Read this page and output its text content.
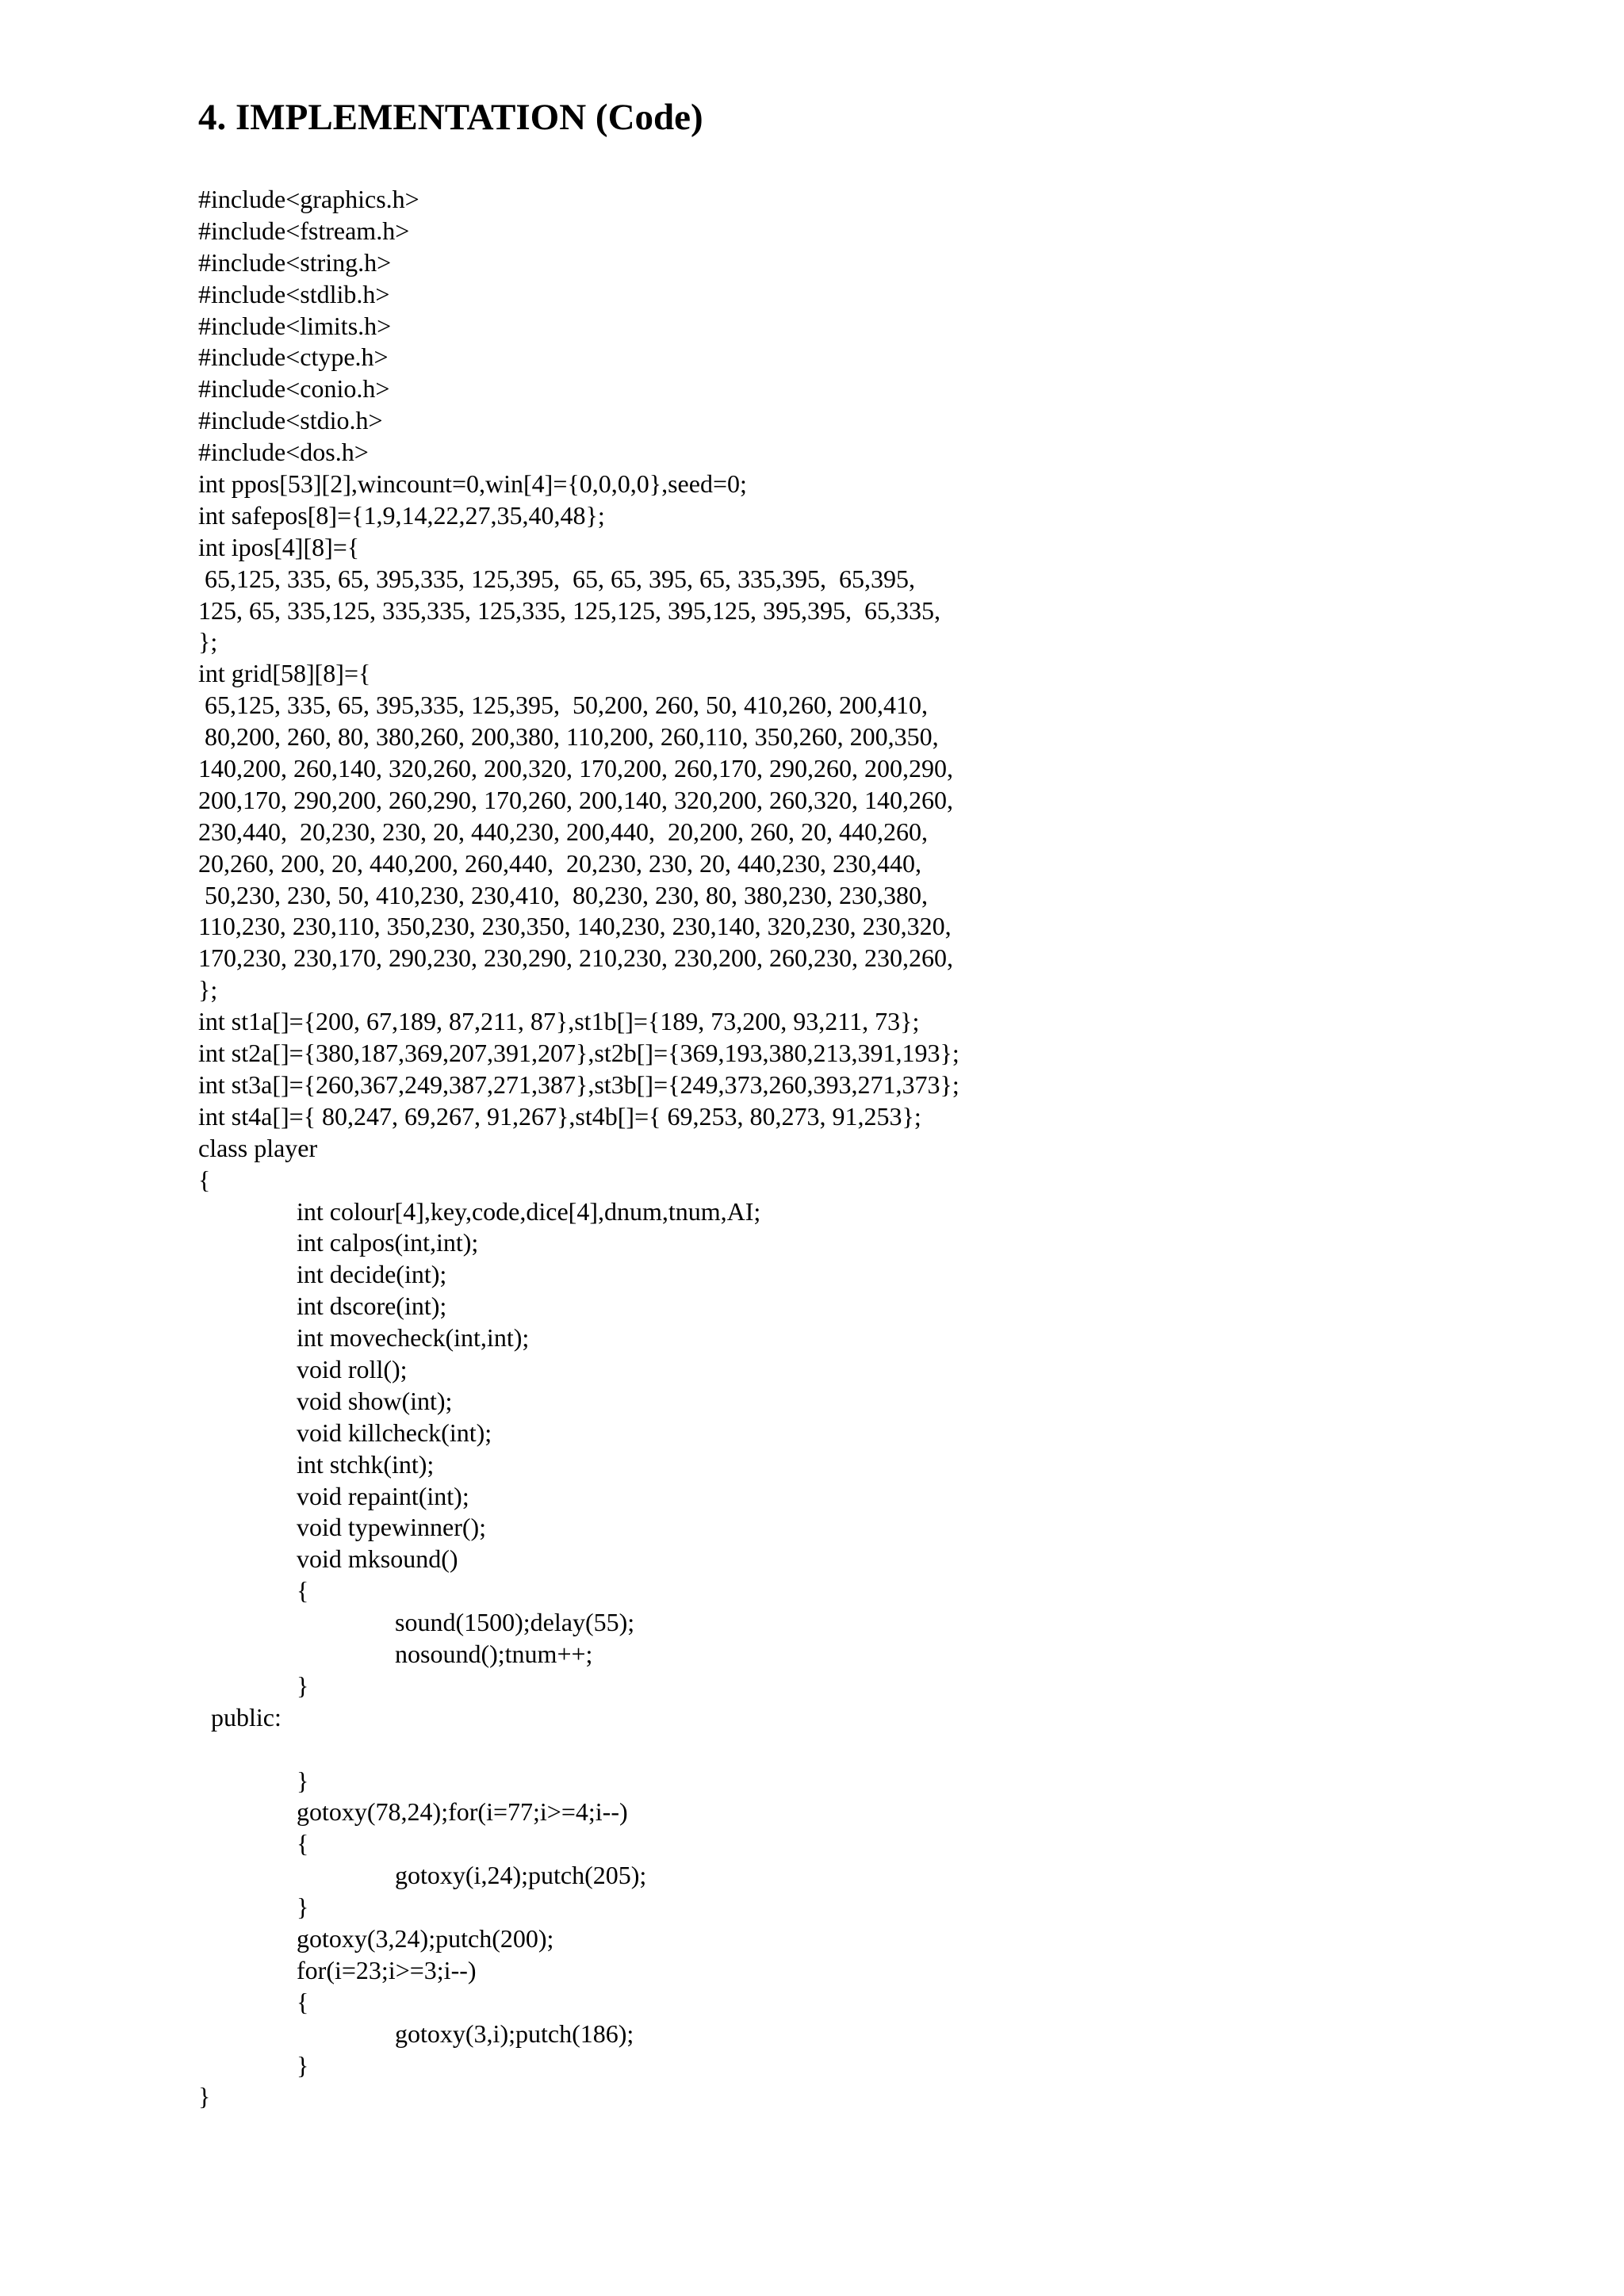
4. IMPLEMENTATION (Code)
#include<graphics.h>
#include<fstream.h>
#include<string.h>
#include<stdlib.h>
#include<limits.h>
#include<ctype.h>
#include<conio.h>
#include<stdio.h>
#include<dos.h>
int ppos[53][2],wincount=0,win[4]={0,0,0,0},seed=0;
int safepos[8]={1,9,14,22,27,35,40,48};
int ipos[4][8]={
65,125, 335, 65, 395,335, 125,395,  65, 65, 395, 65, 335,395,  65,395,
125, 65, 335,125, 335,335, 125,335, 125,125, 395,125, 395,395,  65,335,
};
int grid[58][8]={
65,125, 335, 65, 395,335, 125,395,  50,200, 260, 50, 410,260, 200,410,
80,200, 260, 80, 380,260, 200,380, 110,200, 260,110, 350,260, 200,350,
140,200, 260,140, 320,260, 200,320, 170,200, 260,170, 290,260, 200,290,
200,170, 290,200, 260,290, 170,260, 200,140, 320,200, 260,320, 140,260,
230,440,  20,230, 230, 20, 440,230, 200,440,  20,200, 260, 20, 440,260,
20,260, 200, 20, 440,200, 260,440,  20,230, 230, 20, 440,230, 230,440,
50,230, 230, 50, 410,230, 230,410,  80,230, 230, 80, 380,230, 230,380,
110,230, 230,110, 350,230, 230,350, 140,230, 230,140, 320,230, 230,320,
170,230, 230,170, 290,230, 230,290, 210,230, 230,200, 260,230, 230,260,
};
int st1a[]={200, 67,189, 87,211, 87},st1b[]={189, 73,200, 93,211, 73};
int st2a[]={380,187,369,207,391,207},st2b[]={369,193,380,213,391,193};
int st3a[]={260,367,249,387,271,387},st3b[]={249,373,260,393,271,373};
int st4a[]={ 80,247, 69,267, 91,267},st4b[]={ 69,253, 80,273, 91,253};
class player
{
int colour[4],key,code,dice[4],dnum,tnum,AI;
int calpos(int,int);
int decide(int);
int dscore(int);
int movecheck(int,int);
void roll();
void show(int);
void killcheck(int);
int stchk(int);
void repaint(int);
void typewinner();
void mksound()
{
sound(1500);delay(55);
nosound();tnum++;
}
public:
}
gotoxy(78,24);for(i=77;i>=4;i--)
{
gotoxy(i,24);putch(205);
}
gotoxy(3,24);putch(200);
for(i=23;i>=3;i--)
{
gotoxy(3,i);putch(186);
}
}
